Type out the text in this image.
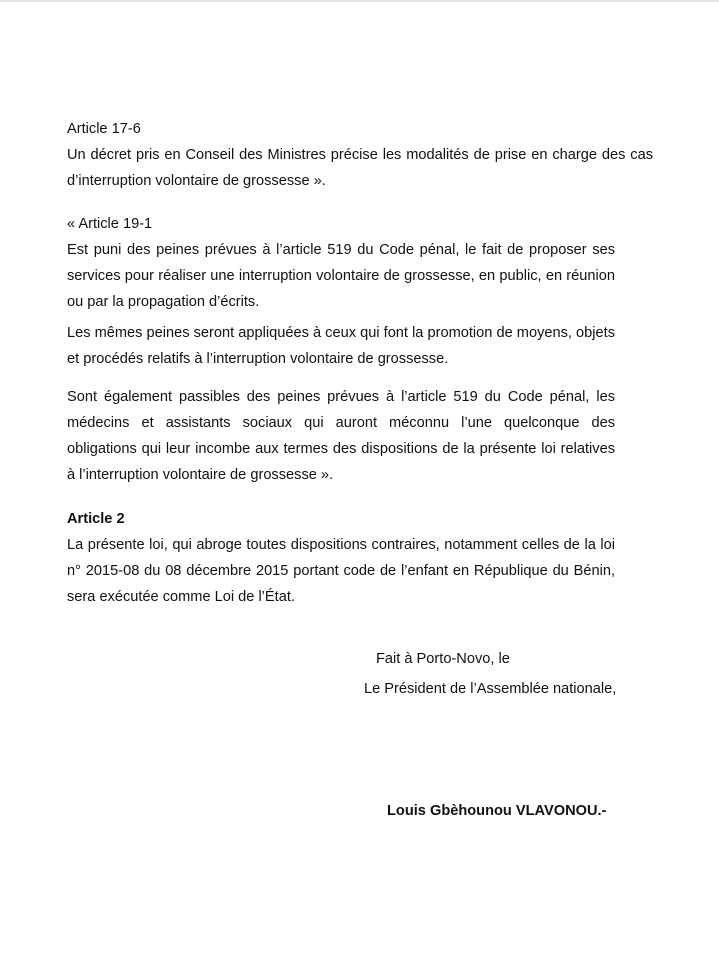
Article 17-6

Un décret pris en Conseil des Ministres précise les modalités de prise en charge des cas d’interruption volontaire de grossesse ».

« Article 19-1

Est puni des peines prévues à l’article 519 du Code pénal, le fait de proposer ses services pour réaliser une interruption volontaire de grossesse, en public, en réunion ou par la propagation d’écrits.

Les mêmes peines seront appliquées à ceux qui font la promotion de moyens, objets et procédés relatifs à l’interruption volontaire de grossesse.

Sont également passibles des peines prévues à l’article 519 du Code pénal, les médecins et assistants sociaux qui auront méconnu l’une quelconque des obligations qui leur incombe aux termes des dispositions de la présente loi relatives à l’interruption volontaire de grossesse ».

Article 2

La présente loi, qui abroge toutes dispositions contraires, notamment celles de la loi n° 2015-08 du 08 décembre 2015 portant code de l’enfant en République du Bénin, sera exécutée comme Loi de l’État.

Fait à Porto-Novo, le

Le Président de l’Assemblée nationale,

Louis Gbèhounou VLAVONOU.-
